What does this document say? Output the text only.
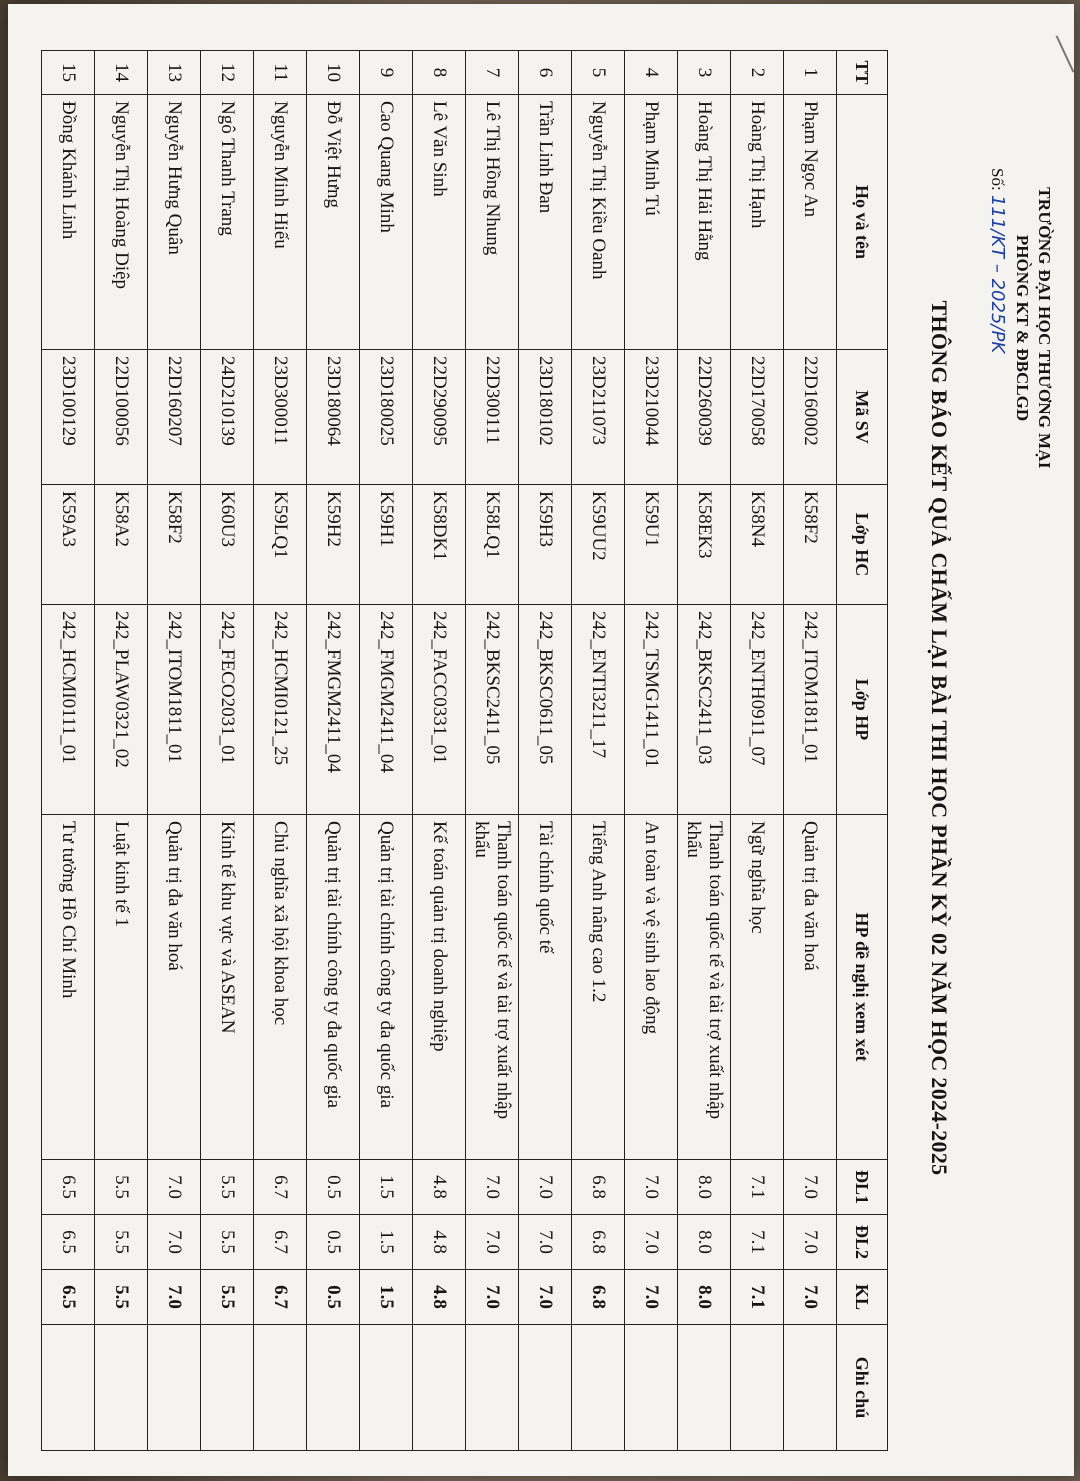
TRƯỜNG ĐẠI HỌC THƯƠNG MẠI
PHÒNG KT & ĐBCLGD
Số: 111/KT – 2025/PK
THÔNG BÁO KẾT QUẢ CHẤM LẠI BÀI THI HỌC PHẦN KỲ 02 NĂM HỌC 2024-2025
TT	Họ và tên	Mã SV	Lớp HC	Lớp HP	HP đề nghị xem xét	ĐL1	ĐL2	KL	Ghi chú
1	Phạm Ngọc An	22D160002	K58F2	242_ITOM1811_01	Quản trị đa văn hoá	7.0	7.0	7.0	
2	Hoàng Thị Hạnh	22D170058	K58N4	242_ENTH0911_07	Ngữ nghĩa học	7.1	7.1	7.1	
3	Hoàng Thị Hải Hằng	22D260039	K58EK3	242_BKSC2411_03	Thanh toán quốc tế và tài trợ xuất nhập khẩu	8.0	8.0	8.0	
4	Phạm Minh Tú	23D210044	K59U1	242_TSMG1411_01	An toàn và vệ sinh lao động	7.0	7.0	7.0	
5	Nguyễn Thị Kiều Oanh	23D211073	K59UU2	242_ENTI3211_17	Tiếng Anh nâng cao 1.2	6.8	6.8	6.8	
6	Trần Linh Đan	23D180102	K59H3	242_BKSC0611_05	Tài chính quốc tế	7.0	7.0	7.0	
7	Lê Thị Hồng Nhung	22D300111	K58LQ1	242_BKSC2411_05	Thanh toán quốc tế và tài trợ xuất nhập khẩu	7.0	7.0	7.0	
8	Lê Văn Sinh	22D290095	K58DK1	242_FACC0331_01	Kế toán quản trị doanh nghiệp	4.8	4.8	4.8	
9	Cao Quang Minh	23D180025	K59H1	242_FMGM2411_04	Quản trị tài chính công ty đa quốc gia	1.5	1.5	1.5	
10	Đỗ Việt Hưng	23D180064	K59H2	242_FMGM2411_04	Quản trị tài chính công ty đa quốc gia	0.5	0.5	0.5	
11	Nguyễn Minh Hiếu	23D300011	K59LQ1	242_HCMI0121_25	Chủ nghĩa xã hội khoa học	6.7	6.7	6.7	
12	Ngô Thanh Trang	24D210139	K60U3	242_FECO2031_01	Kinh tế khu vực và ASEAN	5.5	5.5	5.5	
13	Nguyễn Hưng Quân	22D160207	K58F2	242_ITOM1811_01	Quản trị đa văn hoá	7.0	7.0	7.0	
14	Nguyễn Thị Hoàng Diệp	22D100056	K58A2	242_PLAW0321_02	Luật kinh tế 1	5.5	5.5	5.5	
15	Đồng Khánh Linh	23D100129	K59A3	242_HCMI0111_01	Tư tưởng Hồ Chí Minh	6.5	6.5	6.5	
